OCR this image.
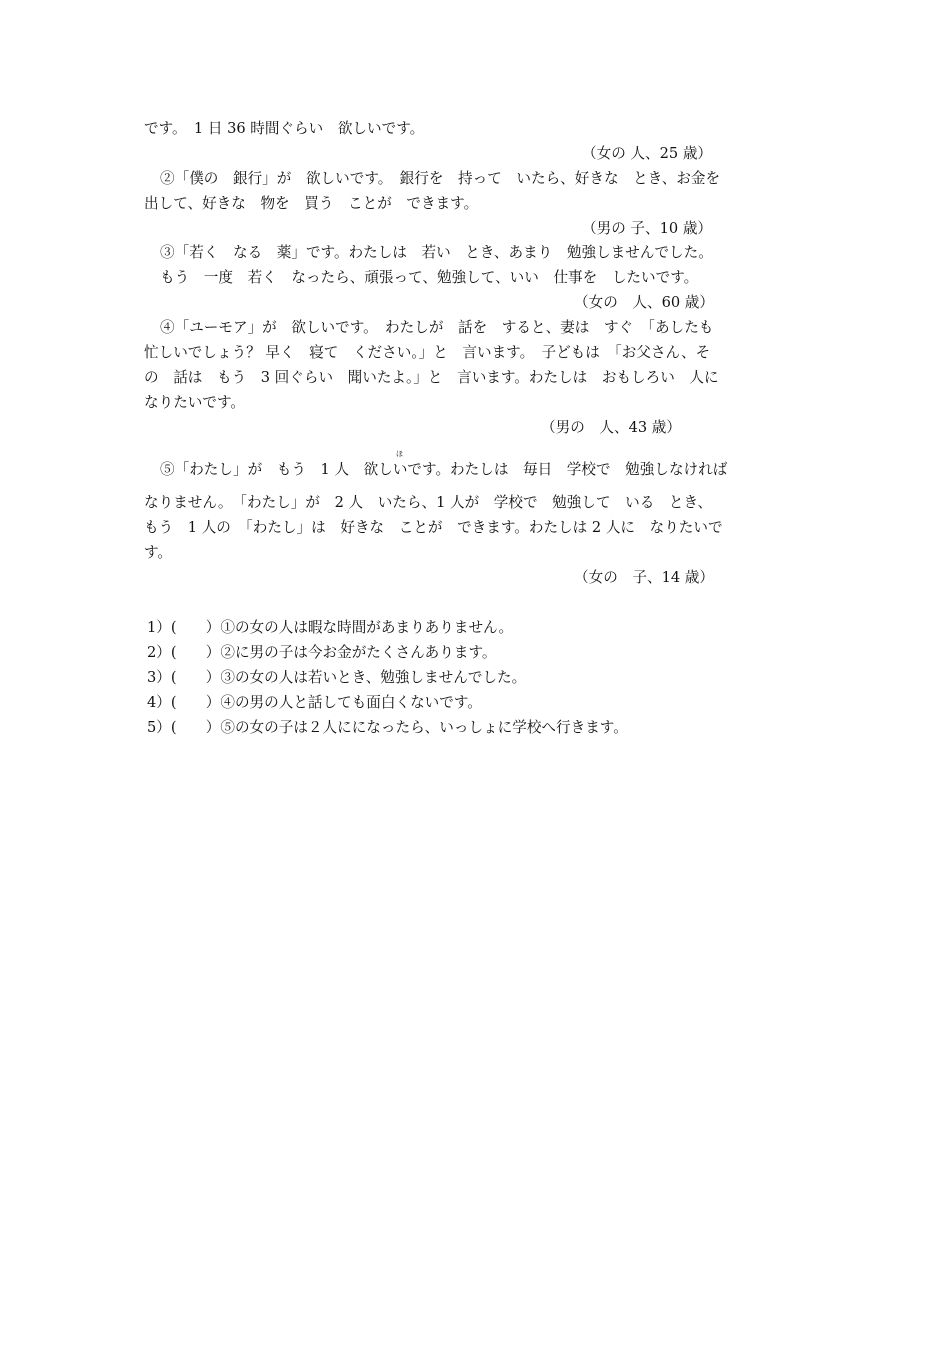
です。　1 日 36 時間ぐらい　欲しいです。
（女の 人、25 歳）
②「僕の　銀行」が　欲しいです。　銀行を　持って　いたら、好きな　とき、お金を
出して、好きな　物を　買う　ことが　できます。
（男の 子、10 歳）
③「若く　なる　薬」です。わたしは　若い　とき、あまり　勉強しませんでした。
もう　一度　若く　なったら、頑張って、勉強して、いい　仕事を　したいです。
（女の　人、60 歳）
④「ユーモア」が　欲しいです。　わたしが　話を　すると、妻は　すぐ　「あしたも
忙しいでしょう？ 早く　寝て　ください。」と　言います。　子どもは　「お父さん、そ
の　話は　もう　3 回ぐらい　聞いたよ。」と　言います。わたしは　おもしろい　人に
なりたいです。
（男の　人、43 歳）
ほ
⑤「わたし」が　もう　1 人　欲しいです。わたしは　毎日　学校で　勉強しなければ
なりません。　「わたし」が　2 人　いたら、1 人が　学校で　勉強して　いる　とき、
もう　1 人の　「わたし」は　好きな　ことが　できます。わたしは 2 人に　なりたいで
す。
（女の　子、14 歳）
1）(　　）①の女の人は暇な時間があまりありません。
2）(　　）②に男の子は今お金がたくさんあります。
3）(　　）③の女の人は若いとき、勉強しませんでした。
4）(　　）④の男の人と話しても面白くないです。
5）(　　）⑤の女の子は２人にになったら、いっしょに学校へ行きます。
